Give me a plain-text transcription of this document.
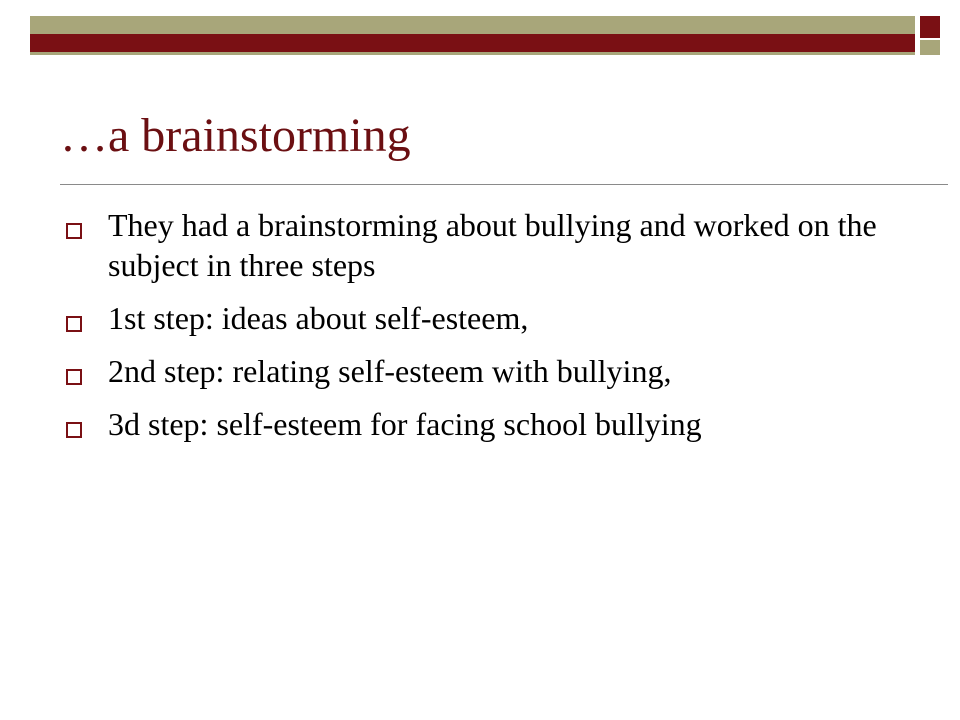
…a brainstorming
They had a brainstorming about bullying and worked on the subject in three steps
1st step: ideas about self-esteem,
2nd step: relating self-esteem with bullying,
3d step: self-esteem for facing school bullying
